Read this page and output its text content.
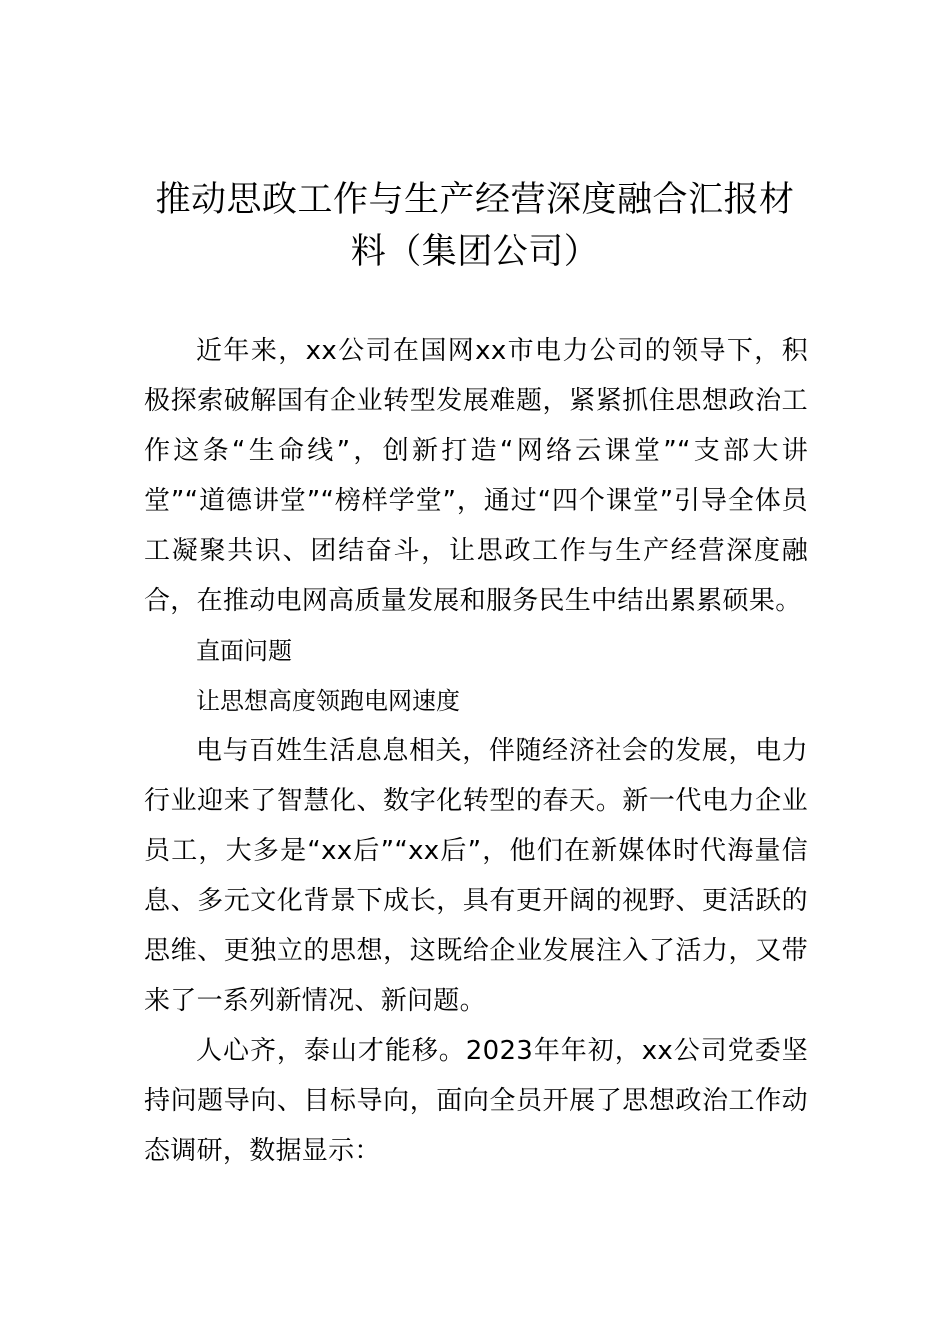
推动思政工作与生产经营深度融合汇报材料（集团公司）

近年来，xx公司在国网xx市电力公司的领导下，积极探索破解国有企业转型发展难题，紧紧抓住思想政治工作这条“生命线”，创新打造“网络云课堂”“支部大讲堂”“道德讲堂”“榜样学堂”，通过“四个课堂”引导全体员工凝聚共识、团结奋斗，让思政工作与生产经营深度融合，在推动电网高质量发展和服务民生中结出累累硕果。

直面问题

让思想高度领跑电网速度

电与百姓生活息息相关，伴随经济社会的发展，电力行业迎来了智慧化、数字化转型的春天。新一代电力企业员工，大多是“xx后”“xx后”，他们在新媒体时代海量信息、多元文化背景下成长，具有更开阔的视野、更活跃的思维、更独立的思想，这既给企业发展注入了活力，又带来了一系列新情况、新问题。

人心齐，泰山才能移。2023年年初，xx公司党委坚持问题导向、目标导向，面向全员开展了思想政治工作动态调研，数据显示：
